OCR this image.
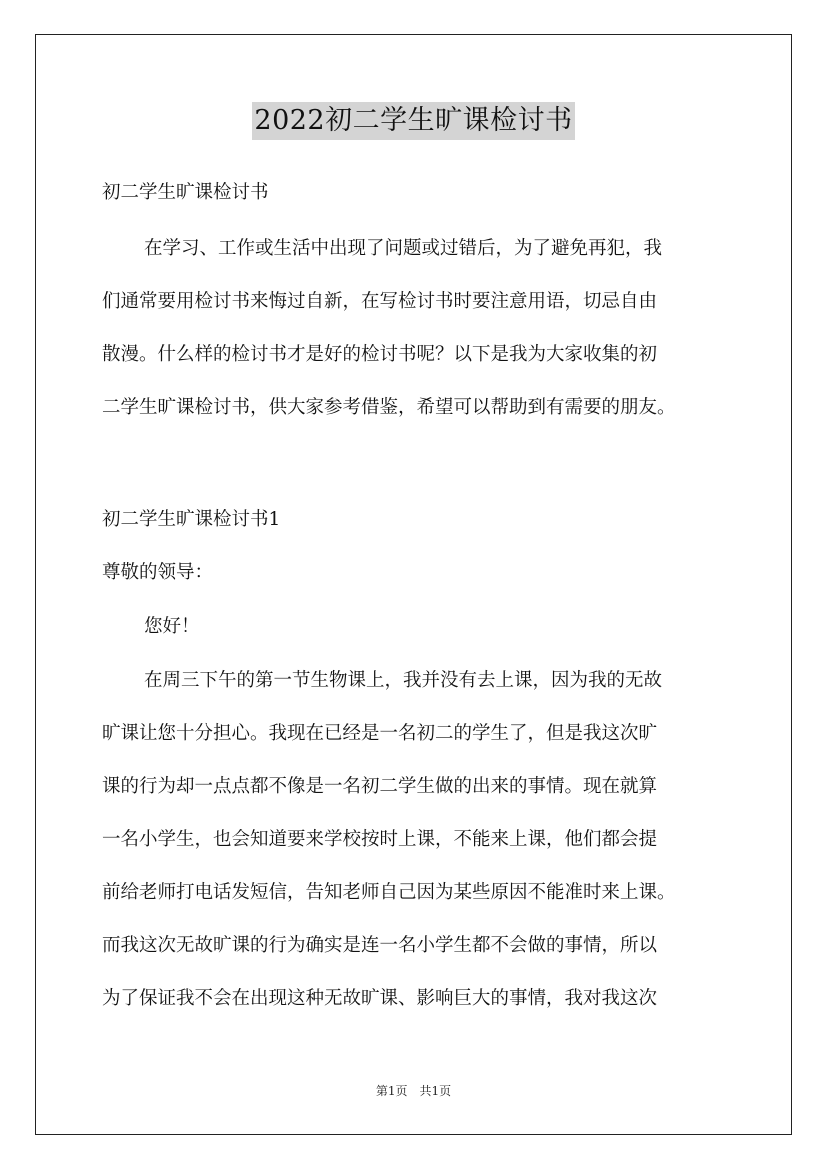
2022初二学生旷课检讨书
初二学生旷课检讨书
在学习、工作或生活中出现了问题或过错后，为了避免再犯，我
们通常要用检讨书来悔过自新，在写检讨书时要注意用语，切忌自由
散漫。什么样的检讨书才是好的检讨书呢？以下是我为大家收集的初
二学生旷课检讨书，供大家参考借鉴，希望可以帮助到有需要的朋友。
初二学生旷课检讨书1
尊敬的领导：
您好！
在周三下午的第一节生物课上，我并没有去上课，因为我的无故
旷课让您十分担心。我现在已经是一名初二的学生了，但是我这次旷
课的行为却一点点都不像是一名初二学生做的出来的事情。现在就算
一名小学生，也会知道要来学校按时上课，不能来上课，他们都会提
前给老师打电话发短信，告知老师自己因为某些原因不能准时来上课。
而我这次无故旷课的行为确实是连一名小学生都不会做的事情，所以
为了保证我不会在出现这种无故旷课、影响巨大的事情，我对我这次
第1页 共1页
